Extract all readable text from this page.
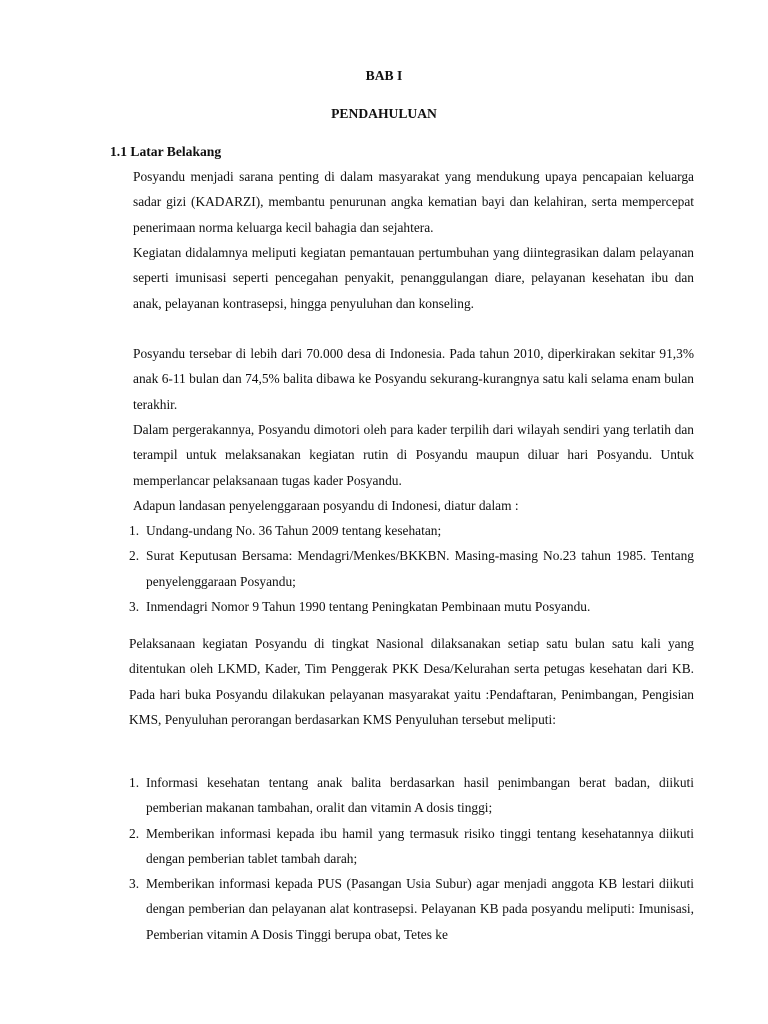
BAB I
PENDAHULUAN
1.1 Latar Belakang

Posyandu menjadi sarana penting di dalam masyarakat yang mendukung upaya pencapaian keluarga sadar gizi (KADARZI), membantu penurunan angka kematian bayi dan kelahiran, serta mempercepat penerimaan norma keluarga kecil bahagia dan sejahtera.

Kegiatan didalamnya meliputi kegiatan pemantauan pertumbuhan yang diintegrasikan dalam pelayanan seperti imunisasi seperti pencegahan penyakit, penanggulangan diare, pelayanan kesehatan ibu dan anak, pelayanan kontrasepsi, hingga penyuluhan dan konseling.

Posyandu tersebar di lebih dari 70.000 desa di Indonesia. Pada tahun 2010, diperkirakan sekitar 91,3% anak 6-11 bulan dan 74,5% balita dibawa ke Posyandu sekurang-kurangnya satu kali selama enam bulan terakhir.

Dalam pergerakannya, Posyandu dimotori oleh para kader terpilih dari wilayah sendiri yang terlatih dan terampil untuk melaksanakan kegiatan rutin di Posyandu maupun diluar hari Posyandu. Untuk memperlancar pelaksanaan tugas kader Posyandu.

Adapun landasan penyelenggaraan posyandu di Indonesi, diatur dalam :

1. Undang-undang No. 36 Tahun 2009 tentang kesehatan;
2. Surat Keputusan Bersama: Mendagri/Menkes/BKKBN. Masing-masing No.23 tahun 1985. Tentang penyelenggaraan Posyandu;
3. Inmendagri Nomor 9 Tahun 1990 tentang Peningkatan Pembinaan mutu Posyandu.

Pelaksanaan kegiatan Posyandu di tingkat Nasional dilaksanakan setiap satu bulan satu kali yang ditentukan oleh LKMD, Kader, Tim Penggerak PKK Desa/Kelurahan serta petugas kesehatan dari KB. Pada hari buka Posyandu dilakukan pelayanan masyarakat yaitu :Pendaftaran, Penimbangan, Pengisian KMS, Penyuluhan perorangan berdasarkan KMS Penyuluhan tersebut meliputi:

1. Informasi kesehatan tentang anak balita berdasarkan hasil penimbangan berat badan, diikuti pemberian makanan tambahan, oralit dan vitamin A dosis tinggi;
2. Memberikan informasi kepada ibu hamil yang termasuk risiko tinggi tentang kesehatannya diikuti dengan pemberian tablet tambah darah;
3. Memberikan informasi kepada PUS (Pasangan Usia Subur) agar menjadi anggota KB lestari diikuti dengan pemberian dan pelayanan alat kontrasepsi. Pelayanan KB pada posyandu meliputi: Imunisasi, Pemberian vitamin A Dosis Tinggi berupa obat, Tetes ke
